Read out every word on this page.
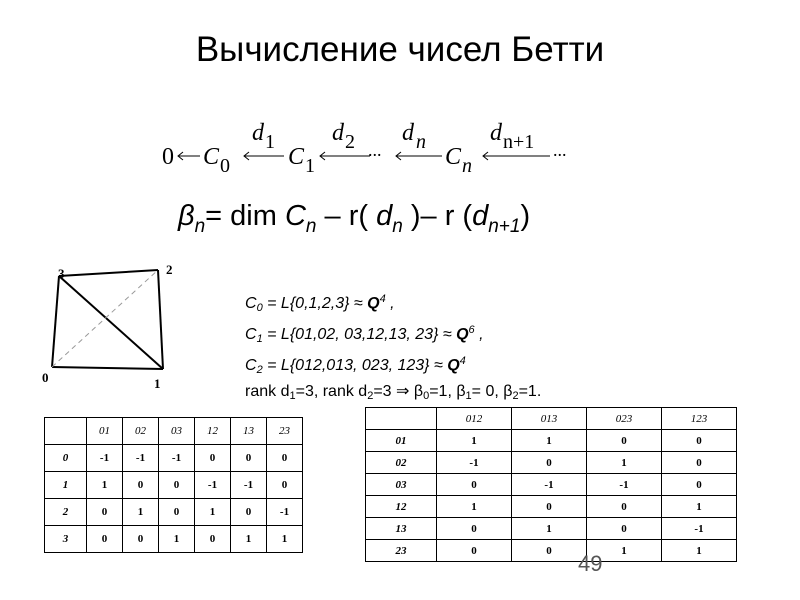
Вычисление чисел Бетти
0 C 0
d 1
C 1
d 2 ...
d n
C n
d n+1 ...
$\beta_n=$ dim $C_n - r$( $d_n$ )– r $(d_{n+1})$
3	2
1
0
$C_0 = L\{0,1,2,3\} \approx Q^4$ ,
$C_1 = L\{01,02$, 03,12,13, $23\} \approx Q^6$ ,
$C_2 = L\{012,013$, 023, $123\} \approx Q^4$
rank $d_1=3$, rank $d_2=3$ ⇒ $\beta_0=1$, $\beta_1= 0$, $\beta_2=1$.
	01	02	03	12	13	23
0	-1	-1	-1	0	0	0
1	1	0	0	-1	-1	0
2	0	1	0	1	0	-1
3	0	0	1	0	1	1
	012	013	023	123
01	1	1	0	0
02	-1	0	1	0
03	0	-1	-1	0
12	1	0	0	1
13	0	1	0	-1
23	0	0	1	1
49
